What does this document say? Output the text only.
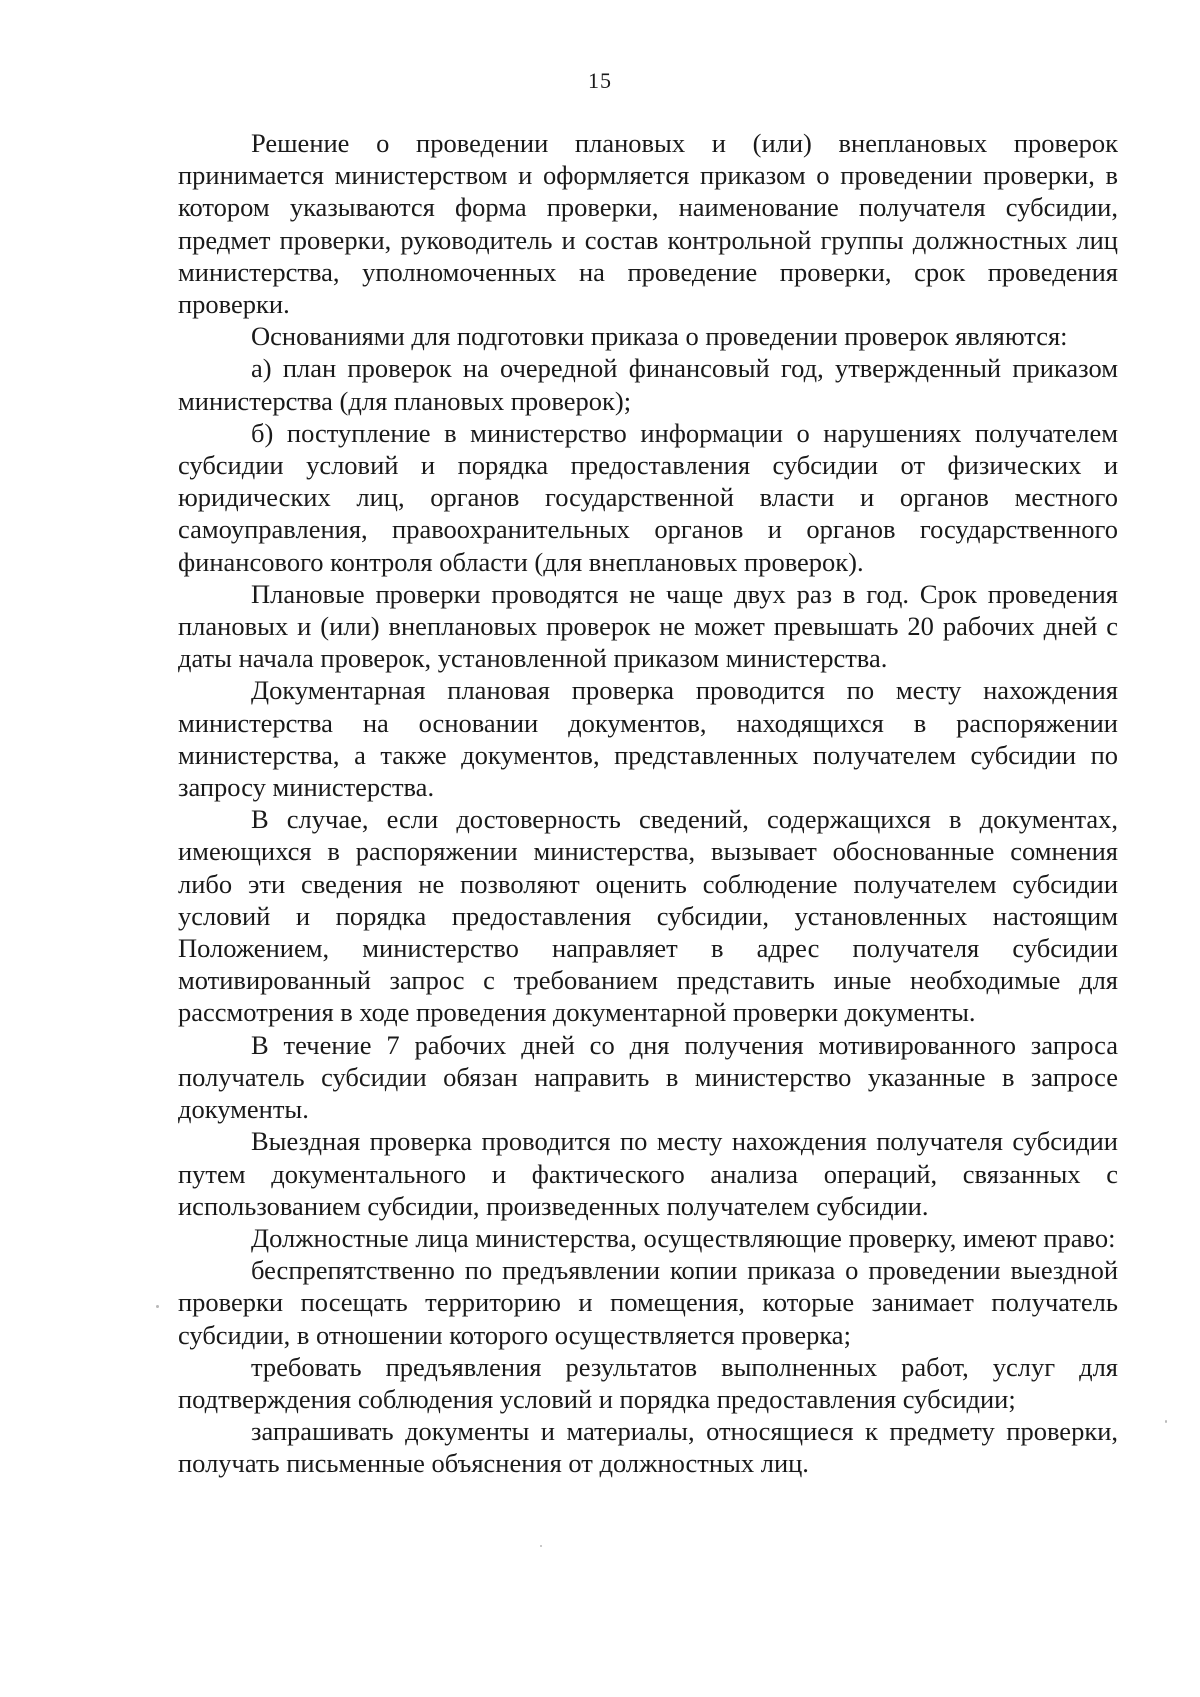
15

Решение о проведении плановых и (или) внеплановых проверок принимается министерством и оформляется приказом о проведении проверки, в котором указываются форма проверки, наименование получателя субсидии, предмет проверки, руководитель и состав контрольной группы должностных лиц министерства, уполномоченных на проведение проверки, срок проведения проверки.

Основаниями для подготовки приказа о проведении проверок являются:

а) план проверок на очередной финансовый год, утвержденный приказом министерства (для плановых проверок);

б) поступление в министерство информации о нарушениях получателем субсидии условий и порядка предоставления субсидии от физических и юридических лиц, органов государственной власти и органов местного самоуправления, правоохранительных органов и органов государственного финансового контроля области (для внеплановых проверок).

Плановые проверки проводятся не чаще двух раз в год. Срок проведения плановых и (или) внеплановых проверок не может превышать 20 рабочих дней с даты начала проверок, установленной приказом министерства.

Документарная плановая проверка проводится по месту нахождения министерства на основании документов, находящихся в распоряжении министерства, а также документов, представленных получателем субсидии по запросу министерства.

В случае, если достоверность сведений, содержащихся в документах, имеющихся в распоряжении министерства, вызывает обоснованные сомнения либо эти сведения не позволяют оценить соблюдение получателем субсидии условий и порядка предоставления субсидии, установленных настоящим Положением, министерство направляет в адрес получателя субсидии мотивированный запрос с требованием представить иные необходимые для рассмотрения в ходе проведения документарной проверки документы.

В течение 7 рабочих дней со дня получения мотивированного запроса получатель субсидии обязан направить в министерство указанные в запросе документы.

Выездная проверка проводится по месту нахождения получателя субсидии путем документального и фактического анализа операций, связанных с использованием субсидии, произведенных получателем субсидии.

Должностные лица министерства, осуществляющие проверку, имеют право:

беспрепятственно по предъявлении копии приказа о проведении выездной проверки посещать территорию и помещения, которые занимает получатель субсидии, в отношении которого осуществляется проверка;

требовать предъявления результатов выполненных работ, услуг для подтверждения соблюдения условий и порядка предоставления субсидии;

запрашивать документы и материалы, относящиеся к предмету проверки, получать письменные объяснения от должностных лиц.
